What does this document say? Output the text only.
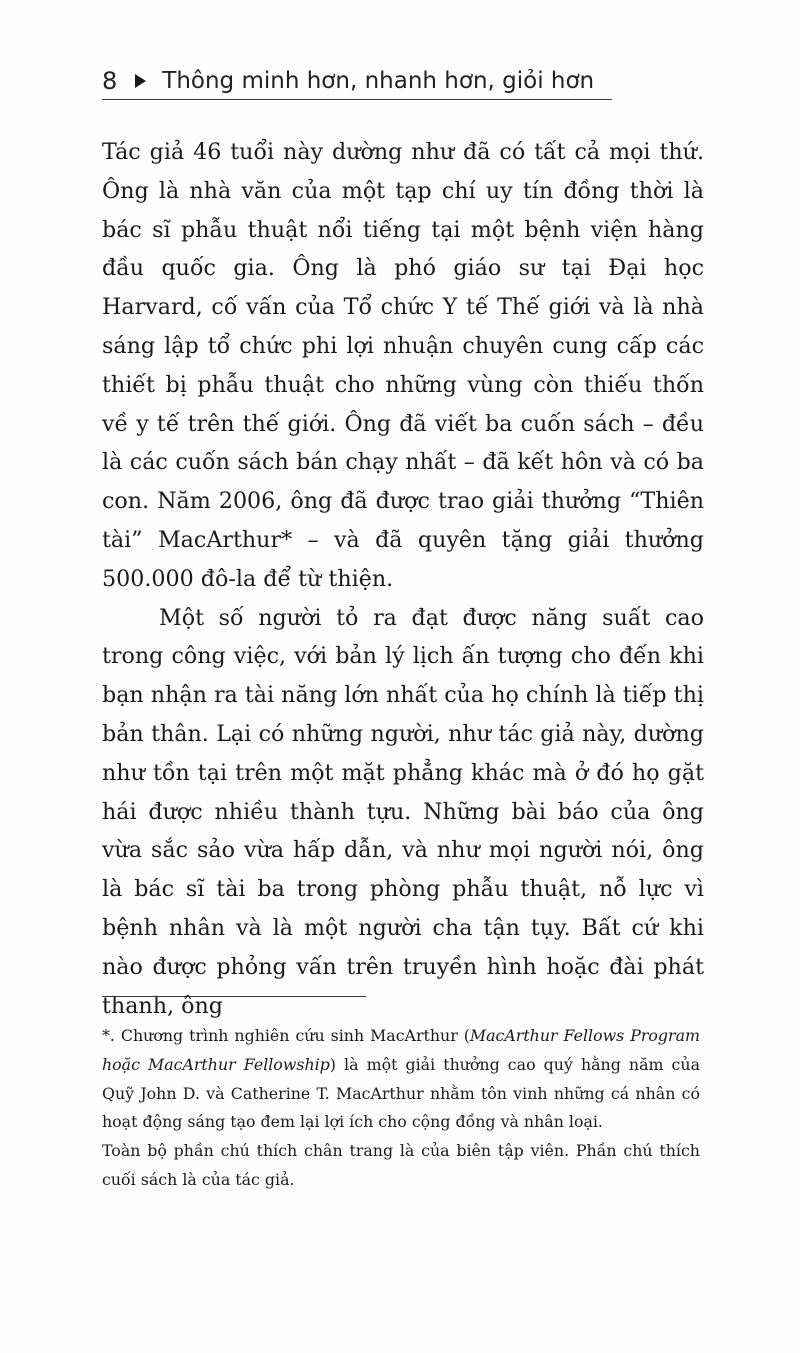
8 Thông minh hơn, nhanh hơn, giỏi hơn

Tác giả 46 tuổi này dường như đã có tất cả mọi thứ. Ông là nhà văn của một tạp chí uy tín đồng thời là bác sĩ phẫu thuật nổi tiếng tại một bệnh viện hàng đầu quốc gia. Ông là phó giáo sư tại Đại học Harvard, cố vấn của Tổ chức Y tế Thế giới và là nhà sáng lập tổ chức phi lợi nhuận chuyên cung cấp các thiết bị phẫu thuật cho những vùng còn thiếu thốn về y tế trên thế giới. Ông đã viết ba cuốn sách – đều là các cuốn sách bán chạy nhất – đã kết hôn và có ba con. Năm 2006, ông đã được trao giải thưởng “Thiên tài” MacArthur* – và đã quyên tặng giải thưởng 500.000 đô-la để từ thiện.

Một số người tỏ ra đạt được năng suất cao trong công việc, với bản lý lịch ấn tượng cho đến khi bạn nhận ra tài năng lớn nhất của họ chính là tiếp thị bản thân. Lại có những người, như tác giả này, dường như tồn tại trên một mặt phẳng khác mà ở đó họ gặt hái được nhiều thành tựu. Những bài báo của ông vừa sắc sảo vừa hấp dẫn, và như mọi người nói, ông là bác sĩ tài ba trong phòng phẫu thuật, nỗ lực vì bệnh nhân và là một người cha tận tụy. Bất cứ khi nào được phỏng vấn trên truyền hình hoặc đài phát thanh, ông

*. Chương trình nghiên cứu sinh MacArthur (MacArthur Fellows Program hoặc MacArthur Fellowship) là một giải thưởng cao quý hằng năm của Quỹ John D. và Catherine T. MacArthur nhằm tôn vinh những cá nhân có hoạt động sáng tạo đem lại lợi ích cho cộng đồng và nhân loại.

Toàn bộ phần chú thích chân trang là của biên tập viên. Phần chú thích cuối sách là của tác giả.
